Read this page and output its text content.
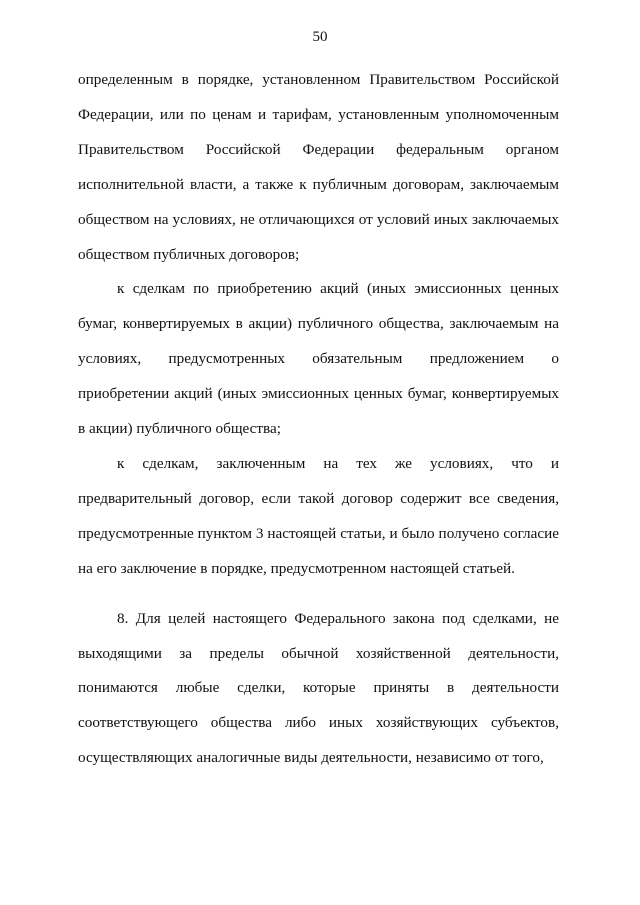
50

определенным в порядке, установленном Правительством Российской Федерации, или по ценам и тарифам, установленным уполномоченным Правительством Российской Федерации федеральным органом исполнительной власти, а также к публичным договорам, заключаемым обществом на условиях, не отличающихся от условий иных заключаемых обществом публичных договоров;

к сделкам по приобретению акций (иных эмиссионных ценных бумаг, конвертируемых в акции) публичного общества, заключаемым на условиях, предусмотренных обязательным предложением о приобретении акций (иных эмиссионных ценных бумаг, конвертируемых в акции) публичного общества;

к сделкам, заключенным на тех же условиях, что и предварительный договор, если такой договор содержит все сведения, предусмотренные пунктом 3 настоящей статьи, и было получено согласие на его заключение в порядке, предусмотренном настоящей статьей.

8. Для целей настоящего Федерального закона под сделками, не выходящими за пределы обычной хозяйственной деятельности, понимаются любые сделки, которые приняты в деятельности соответствующего общества либо иных хозяйствующих субъектов, осуществляющих аналогичные виды деятельности, независимо от того,
